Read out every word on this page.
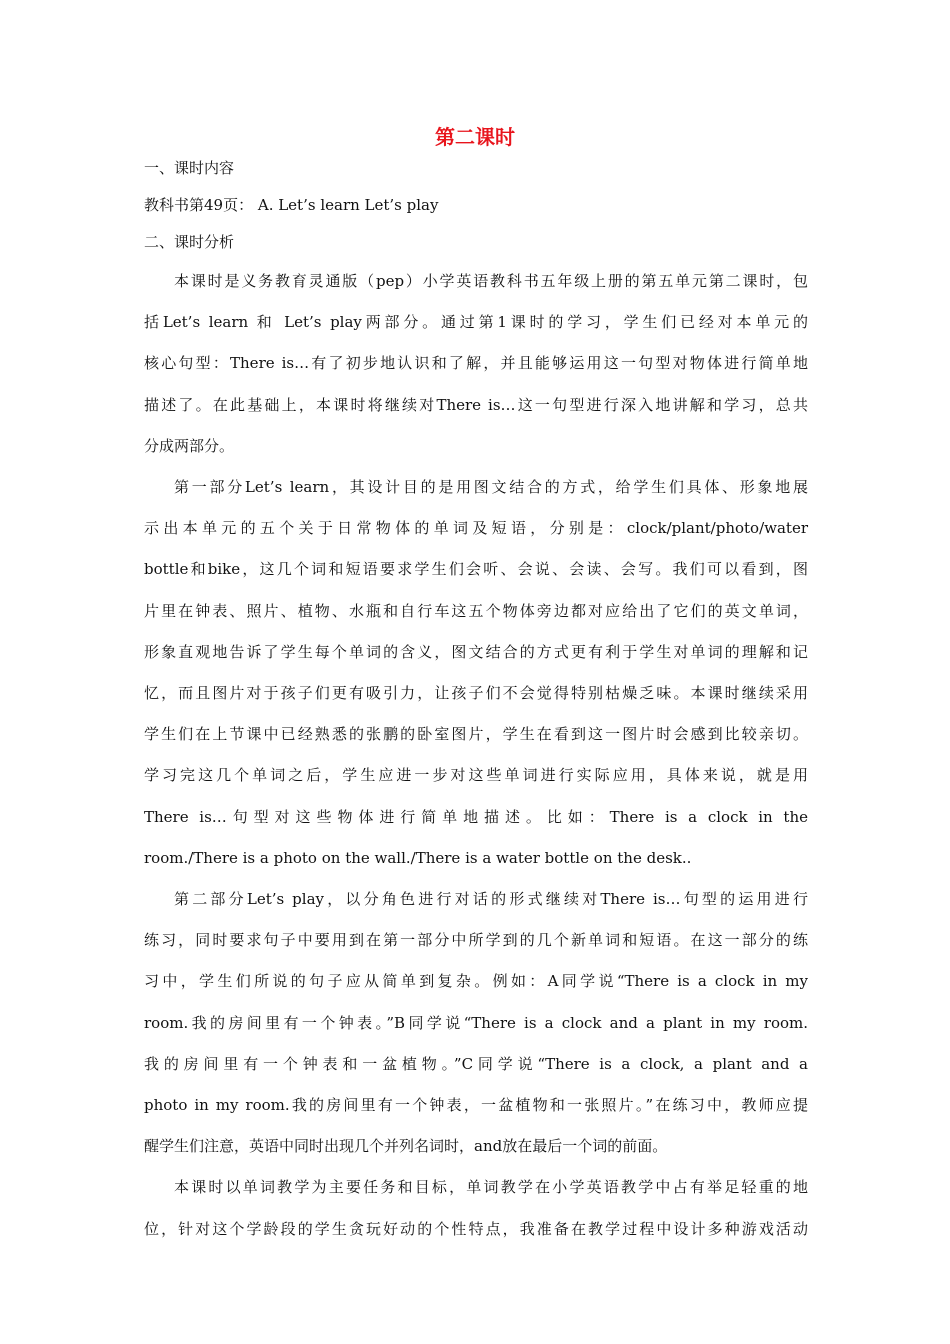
第二课时
一、课时内容
教科书第49页： A. Let’s learn Let’s play
二、课时分析
本课时是义务教育灵通版（pep）小学英语教科书五年级上册的第五单元第二课时，包
括Let’s learn 和 Let’s play两部分。通过第1课时的学习，学生们已经对本单元的
核心句型：There is…有了初步地认识和了解，并且能够运用这一句型对物体进行简单地
描述了。在此基础上，本课时将继续对There is…这一句型进行深入地讲解和学习，总共
分成两部分。
第一部分Let’s learn，其设计目的是用图文结合的方式，给学生们具体、形象地展
示出本单元的五个关于日常物体的单词及短语，分别是：clock/plant/photo/water
bottle和bike，这几个词和短语要求学生们会听、会说、会读、会写。我们可以看到，图
片里在钟表、照片、植物、水瓶和自行车这五个物体旁边都对应给出了它们的英文单词，
形象直观地告诉了学生每个单词的含义，图文结合的方式更有利于学生对单词的理解和记
忆，而且图片对于孩子们更有吸引力，让孩子们不会觉得特别枯燥乏味。本课时继续采用
学生们在上节课中已经熟悉的张鹏的卧室图片，学生在看到这一图片时会感到比较亲切。
学习完这几个单词之后，学生应进一步对这些单词进行实际应用，具体来说，就是用
There is…句型对这些物体进行简单地描述。比如：There is a clock in the
room./There is a photo on the wall./There is a water bottle on the desk..
第二部分Let’s play，以分角色进行对话的形式继续对There is…句型的运用进行
练习，同时要求句子中要用到在第一部分中所学到的几个新单词和短语。在这一部分的练
习中，学生们所说的句子应从简单到复杂。例如：A同学说“There is a clock in my
room.我的房间里有一个钟表。”B同学说“There is a clock and a plant in my room.
我的房间里有一个钟表和一盆植物。”C同学说“There is a clock, a plant and a
photo in my room.我的房间里有一个钟表，一盆植物和一张照片。”在练习中，教师应提
醒学生们注意，英语中同时出现几个并列名词时，and放在最后一个词的前面。
本课时以单词教学为主要任务和目标，单词教学在小学英语教学中占有举足轻重的地
位，针对这个学龄段的学生贪玩好动的个性特点，我准备在教学过程中设计多种游戏活动
